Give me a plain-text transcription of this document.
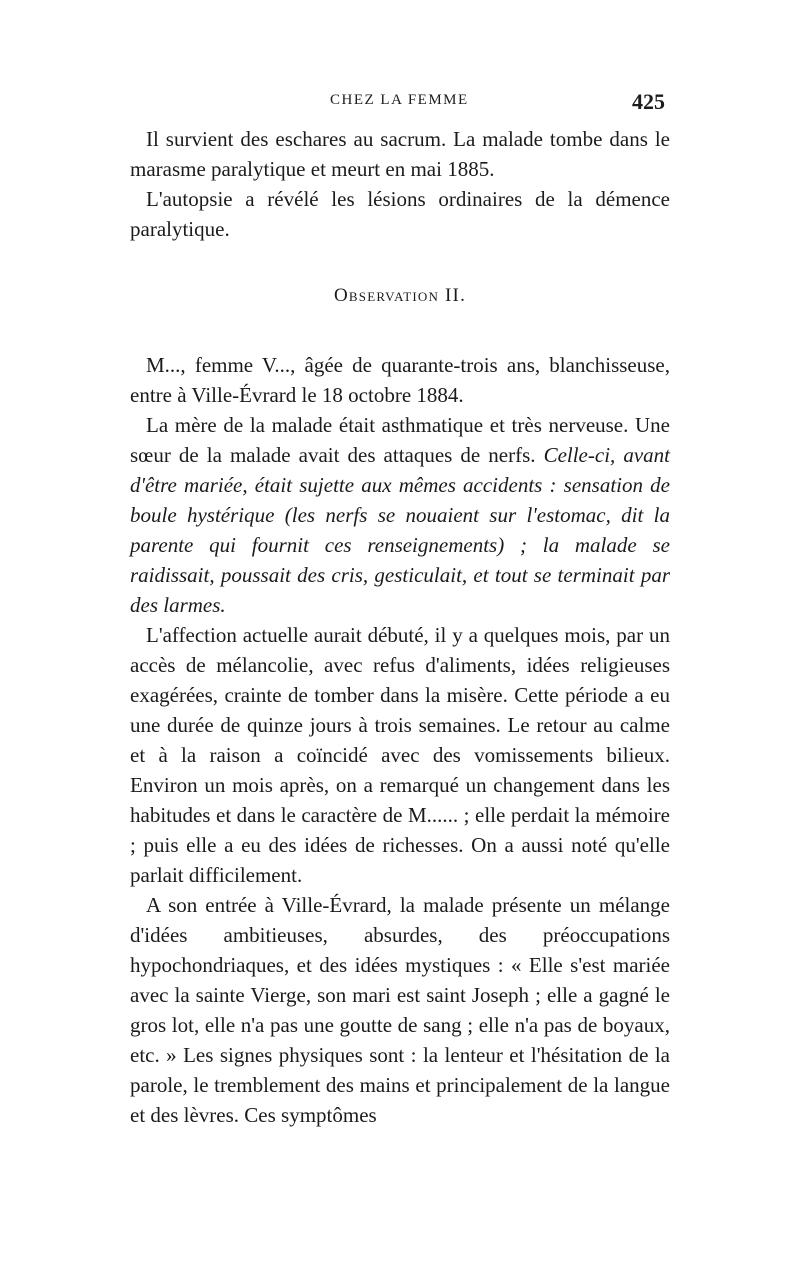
CHEZ LA FEMME	425

Il survient des eschares au sacrum. La malade tombe dans le marasme paralytique et meurt en mai 1885.

L'autopsie a révélé les lésions ordinaires de la démence paralytique.

Observation II.

M..., femme V..., âgée de quarante-trois ans, blanchisseuse, entre à Ville-Évrard le 18 octobre 1884.

La mère de la malade était asthmatique et très nerveuse. Une sœur de la malade avait des attaques de nerfs. Celle-ci, avant d'être mariée, était sujette aux mêmes accidents : sensation de boule hystérique (les nerfs se nouaient sur l'estomac, dit la parente qui fournit ces renseignements) ; la malade se raidissait, poussait des cris, gesticulait, et tout se terminait par des larmes.

L'affection actuelle aurait débuté, il y a quelques mois, par un accès de mélancolie, avec refus d'aliments, idées religieuses exagérées, crainte de tomber dans la misère. Cette période a eu une durée de quinze jours à trois semaines. Le retour au calme et à la raison a coïncidé avec des vomissements bilieux. Environ un mois après, on a remarqué un changement dans les habitudes et dans le caractère de M...... ; elle perdait la mémoire ; puis elle a eu des idées de richesses. On a aussi noté qu'elle parlait difficilement.

A son entrée à Ville-Évrard, la malade présente un mélange d'idées ambitieuses, absurdes, des préoccupations hypochondriaques, et des idées mystiques : « Elle s'est mariée avec la sainte Vierge, son mari est saint Joseph ; elle a gagné le gros lot, elle n'a pas une goutte de sang ; elle n'a pas de boyaux, etc. » Les signes physiques sont : la lenteur et l'hésitation de la parole, le tremblement des mains et principalement de la langue et des lèvres. Ces symptômes
